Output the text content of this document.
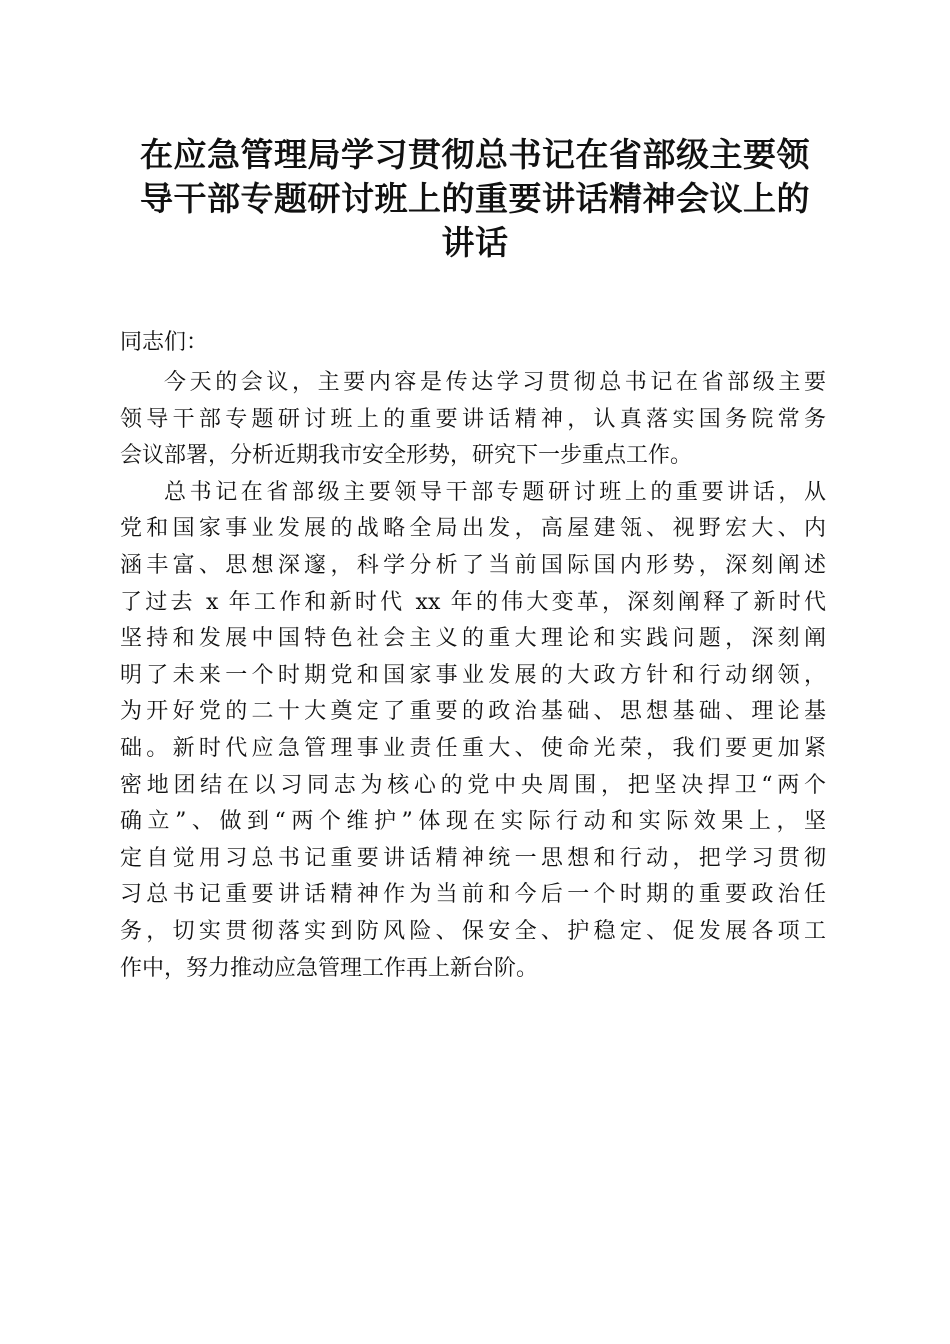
在应急管理局学习贯彻总书记在省部级主要领
导干部专题研讨班上的重要讲话精神会议上的
讲话

同志们：

今天的会议，主要内容是传达学习贯彻总书记在省部级主要
领导干部专题研讨班上的重要讲话精神，认真落实国务院常务
会议部署，分析近期我市安全形势，研究下一步重点工作。

总书记在省部级主要领导干部专题研讨班上的重要讲话，从
党和国家事业发展的战略全局出发，高屋建瓴、视野宏大、内
涵丰富、思想深邃，科学分析了当前国际国内形势，深刻阐述
了过去 x 年工作和新时代 xx 年的伟大变革，深刻阐释了新时代
坚持和发展中国特色社会主义的重大理论和实践问题，深刻阐
明了未来一个时期党和国家事业发展的大政方针和行动纲领，
为开好党的二十大奠定了重要的政治基础、思想基础、理论基
础。新时代应急管理事业责任重大、使命光荣，我们要更加紧
密地团结在以习同志为核心的党中央周围，把坚决捍卫“两个
确立”、做到“两个维护”体现在实际行动和实际效果上，坚
定自觉用习总书记重要讲话精神统一思想和行动，把学习贯彻
习总书记重要讲话精神作为当前和今后一个时期的重要政治任
务，切实贯彻落实到防风险、保安全、护稳定、促发展各项工
作中，努力推动应急管理工作再上新台阶。
